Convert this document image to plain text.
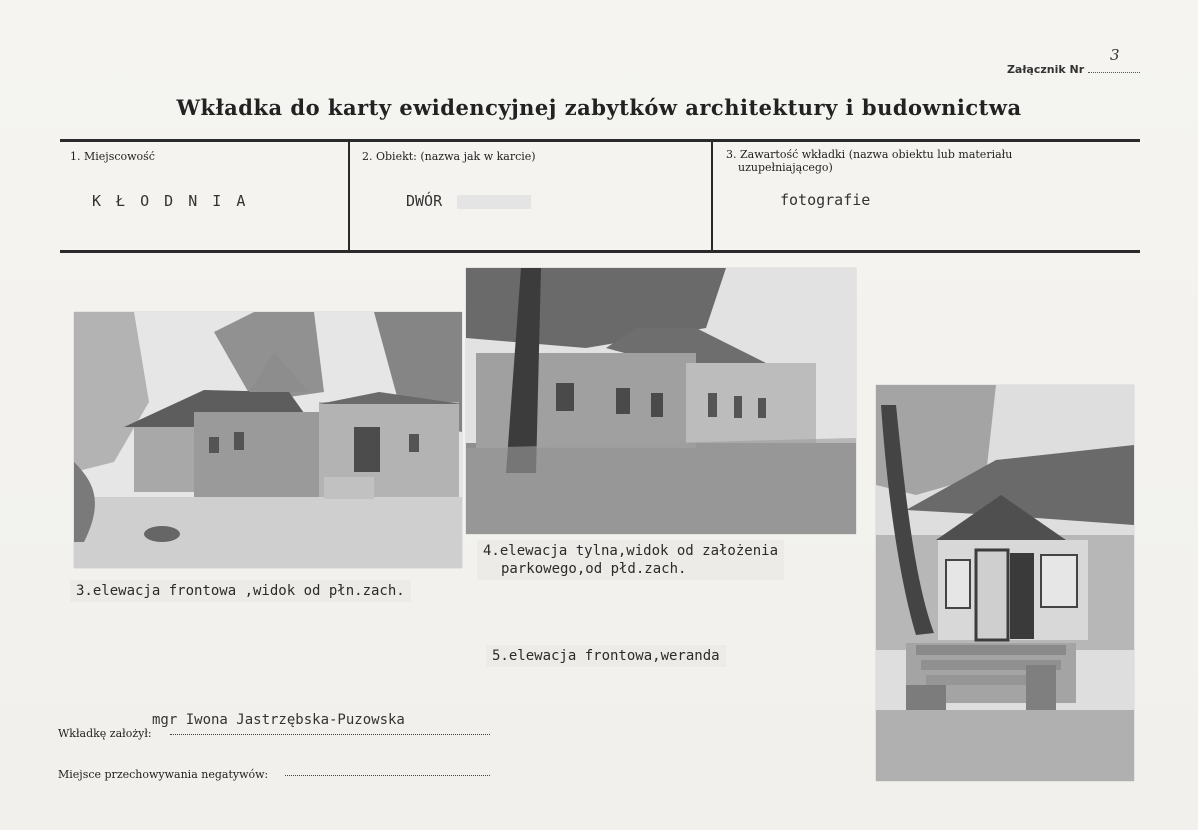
Załącznik Nr
3
Wkładka do karty ewidencyjnej zabytków architektury i budownictwa
1. Miejscowość
K Ł O D N I A
2. Obiekt: (nazwa jak w karcie)
DWÓR
3. Zawartość wkładki (nazwa obiektu lub materiału
uzupełniającego)
fotografie
3.elewacja frontowa ,widok od płn.zach.
4.elewacja tylna,widok od założenia
parkowego,od płd.zach.
5.elewacja frontowa,weranda
Wkładkę założył:
mgr Iwona Jastrzębska-Puzowska
Miejsce przechowywania negatywów:
